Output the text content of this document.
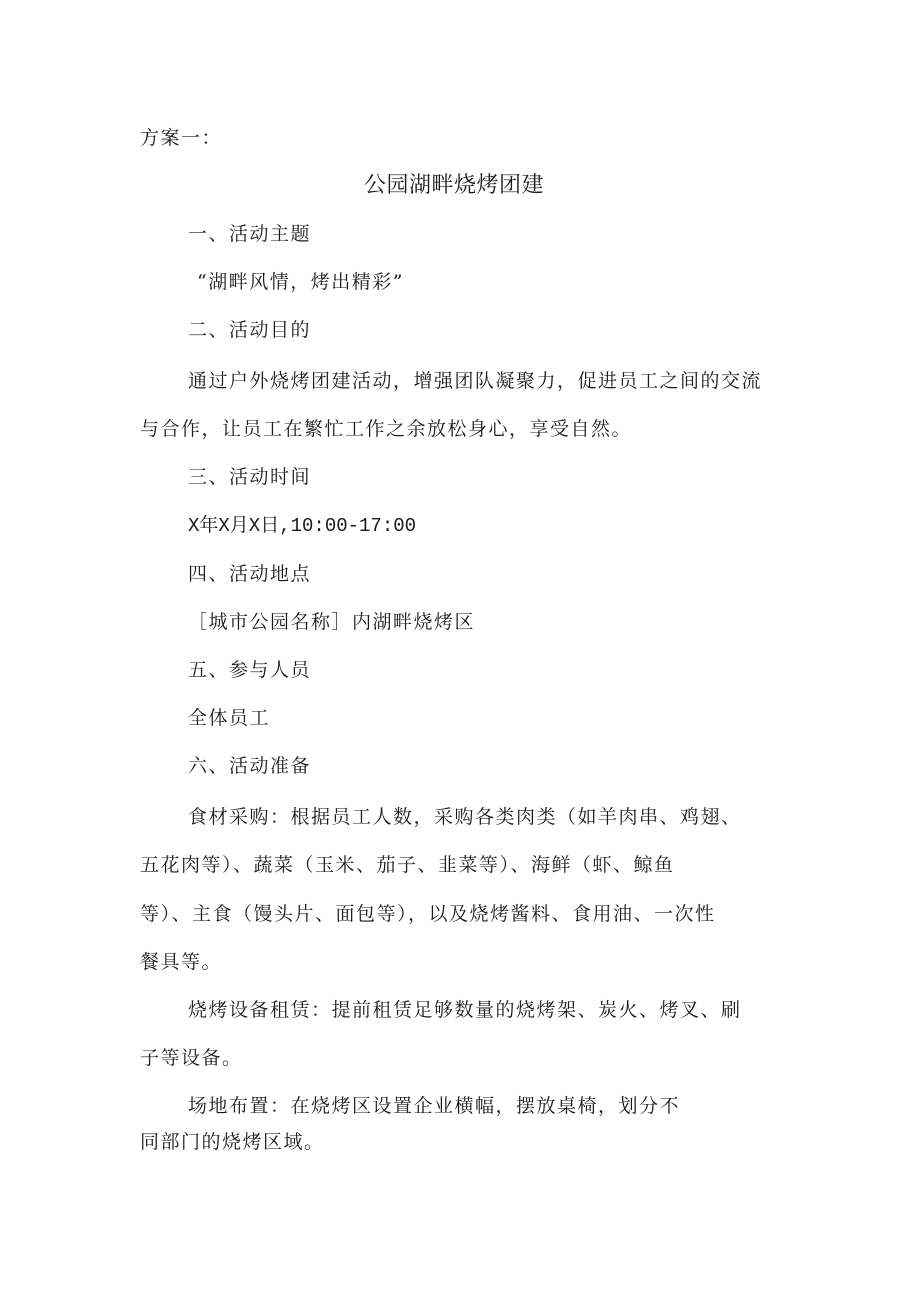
方案一：

公园湖畔烧烤团建

一、活动主题

“湖畔风情，烤出精彩”

二、活动目的

通过户外烧烤团建活动，增强团队凝聚力，促进员工之间的交流

与合作，让员工在繁忙工作之余放松身心，享受自然。

三、活动时间

X年X月X日,10:00-17:00

四、活动地点

［城市公园名称］内湖畔烧烤区

五、参与人员

全体员工

六、活动准备

食材采购：根据员工人数，采购各类肉类（如羊肉串、鸡翅、

五花肉等）、蔬菜（玉米、茄子、韭菜等）、海鲜（虾、鲸鱼

等）、主食（馒头片、面包等），以及烧烤酱料、食用油、一次性

餐具等。

烧烤设备租赁：提前租赁足够数量的烧烤架、炭火、烤叉、刷

子等设备。

场地布置：在烧烤区设置企业横幅，摆放桌椅，划分不

同部门的烧烤区域。
